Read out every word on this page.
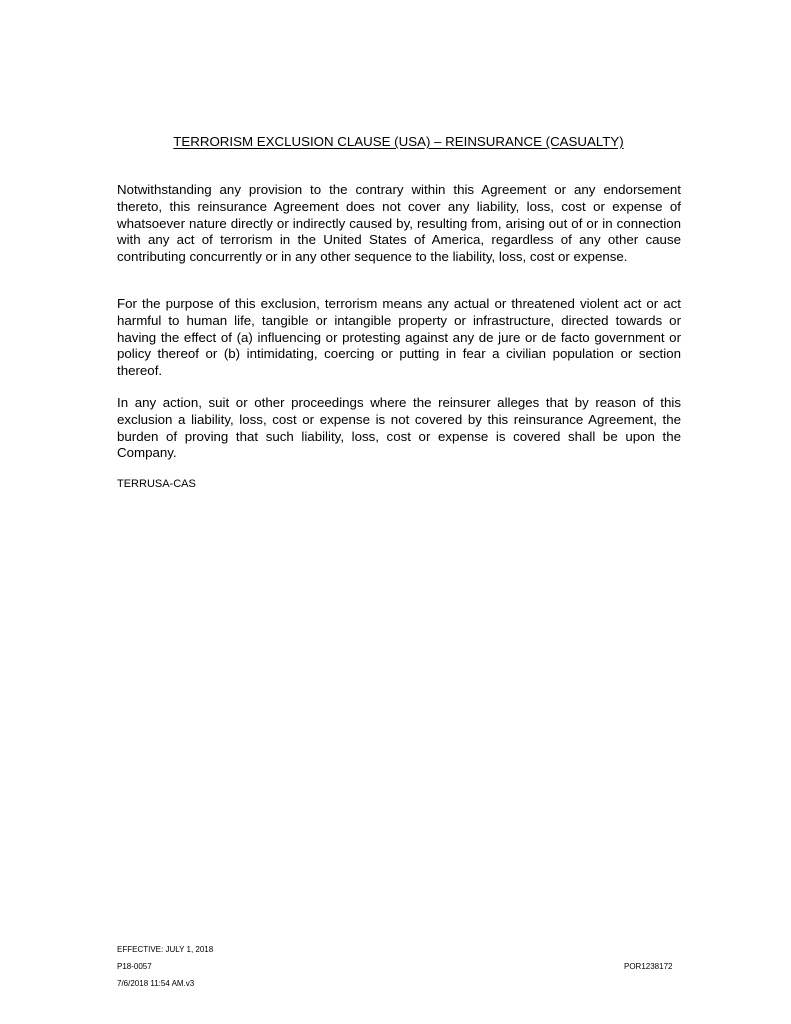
TERRORISM EXCLUSION CLAUSE (USA) – REINSURANCE (CASUALTY)

Notwithstanding any provision to the contrary within this Agreement or any endorsement thereto, this reinsurance Agreement does not cover any liability, loss, cost or expense of whatsoever nature directly or indirectly caused by, resulting from, arising out of or in connection with any act of terrorism in the United States of America, regardless of any other cause contributing concurrently or in any other sequence to the liability, loss, cost or expense.

For the purpose of this exclusion, terrorism means any actual or threatened violent act or act harmful to human life, tangible or intangible property or infrastructure, directed towards or having the effect of (a) influencing or protesting against any de jure or de facto government or policy thereof or (b) intimidating, coercing or putting in fear a civilian population or section thereof.

In any action, suit or other proceedings where the reinsurer alleges that by reason of this exclusion a liability, loss, cost or expense is not covered by this reinsurance Agreement, the burden of proving that such liability, loss, cost or expense is covered shall be upon the Company.

TERRUSA-CAS
EFFECTIVE: JULY 1, 2018
P18-0057
7/6/2018 11:54 AM.v3
POR1238172
